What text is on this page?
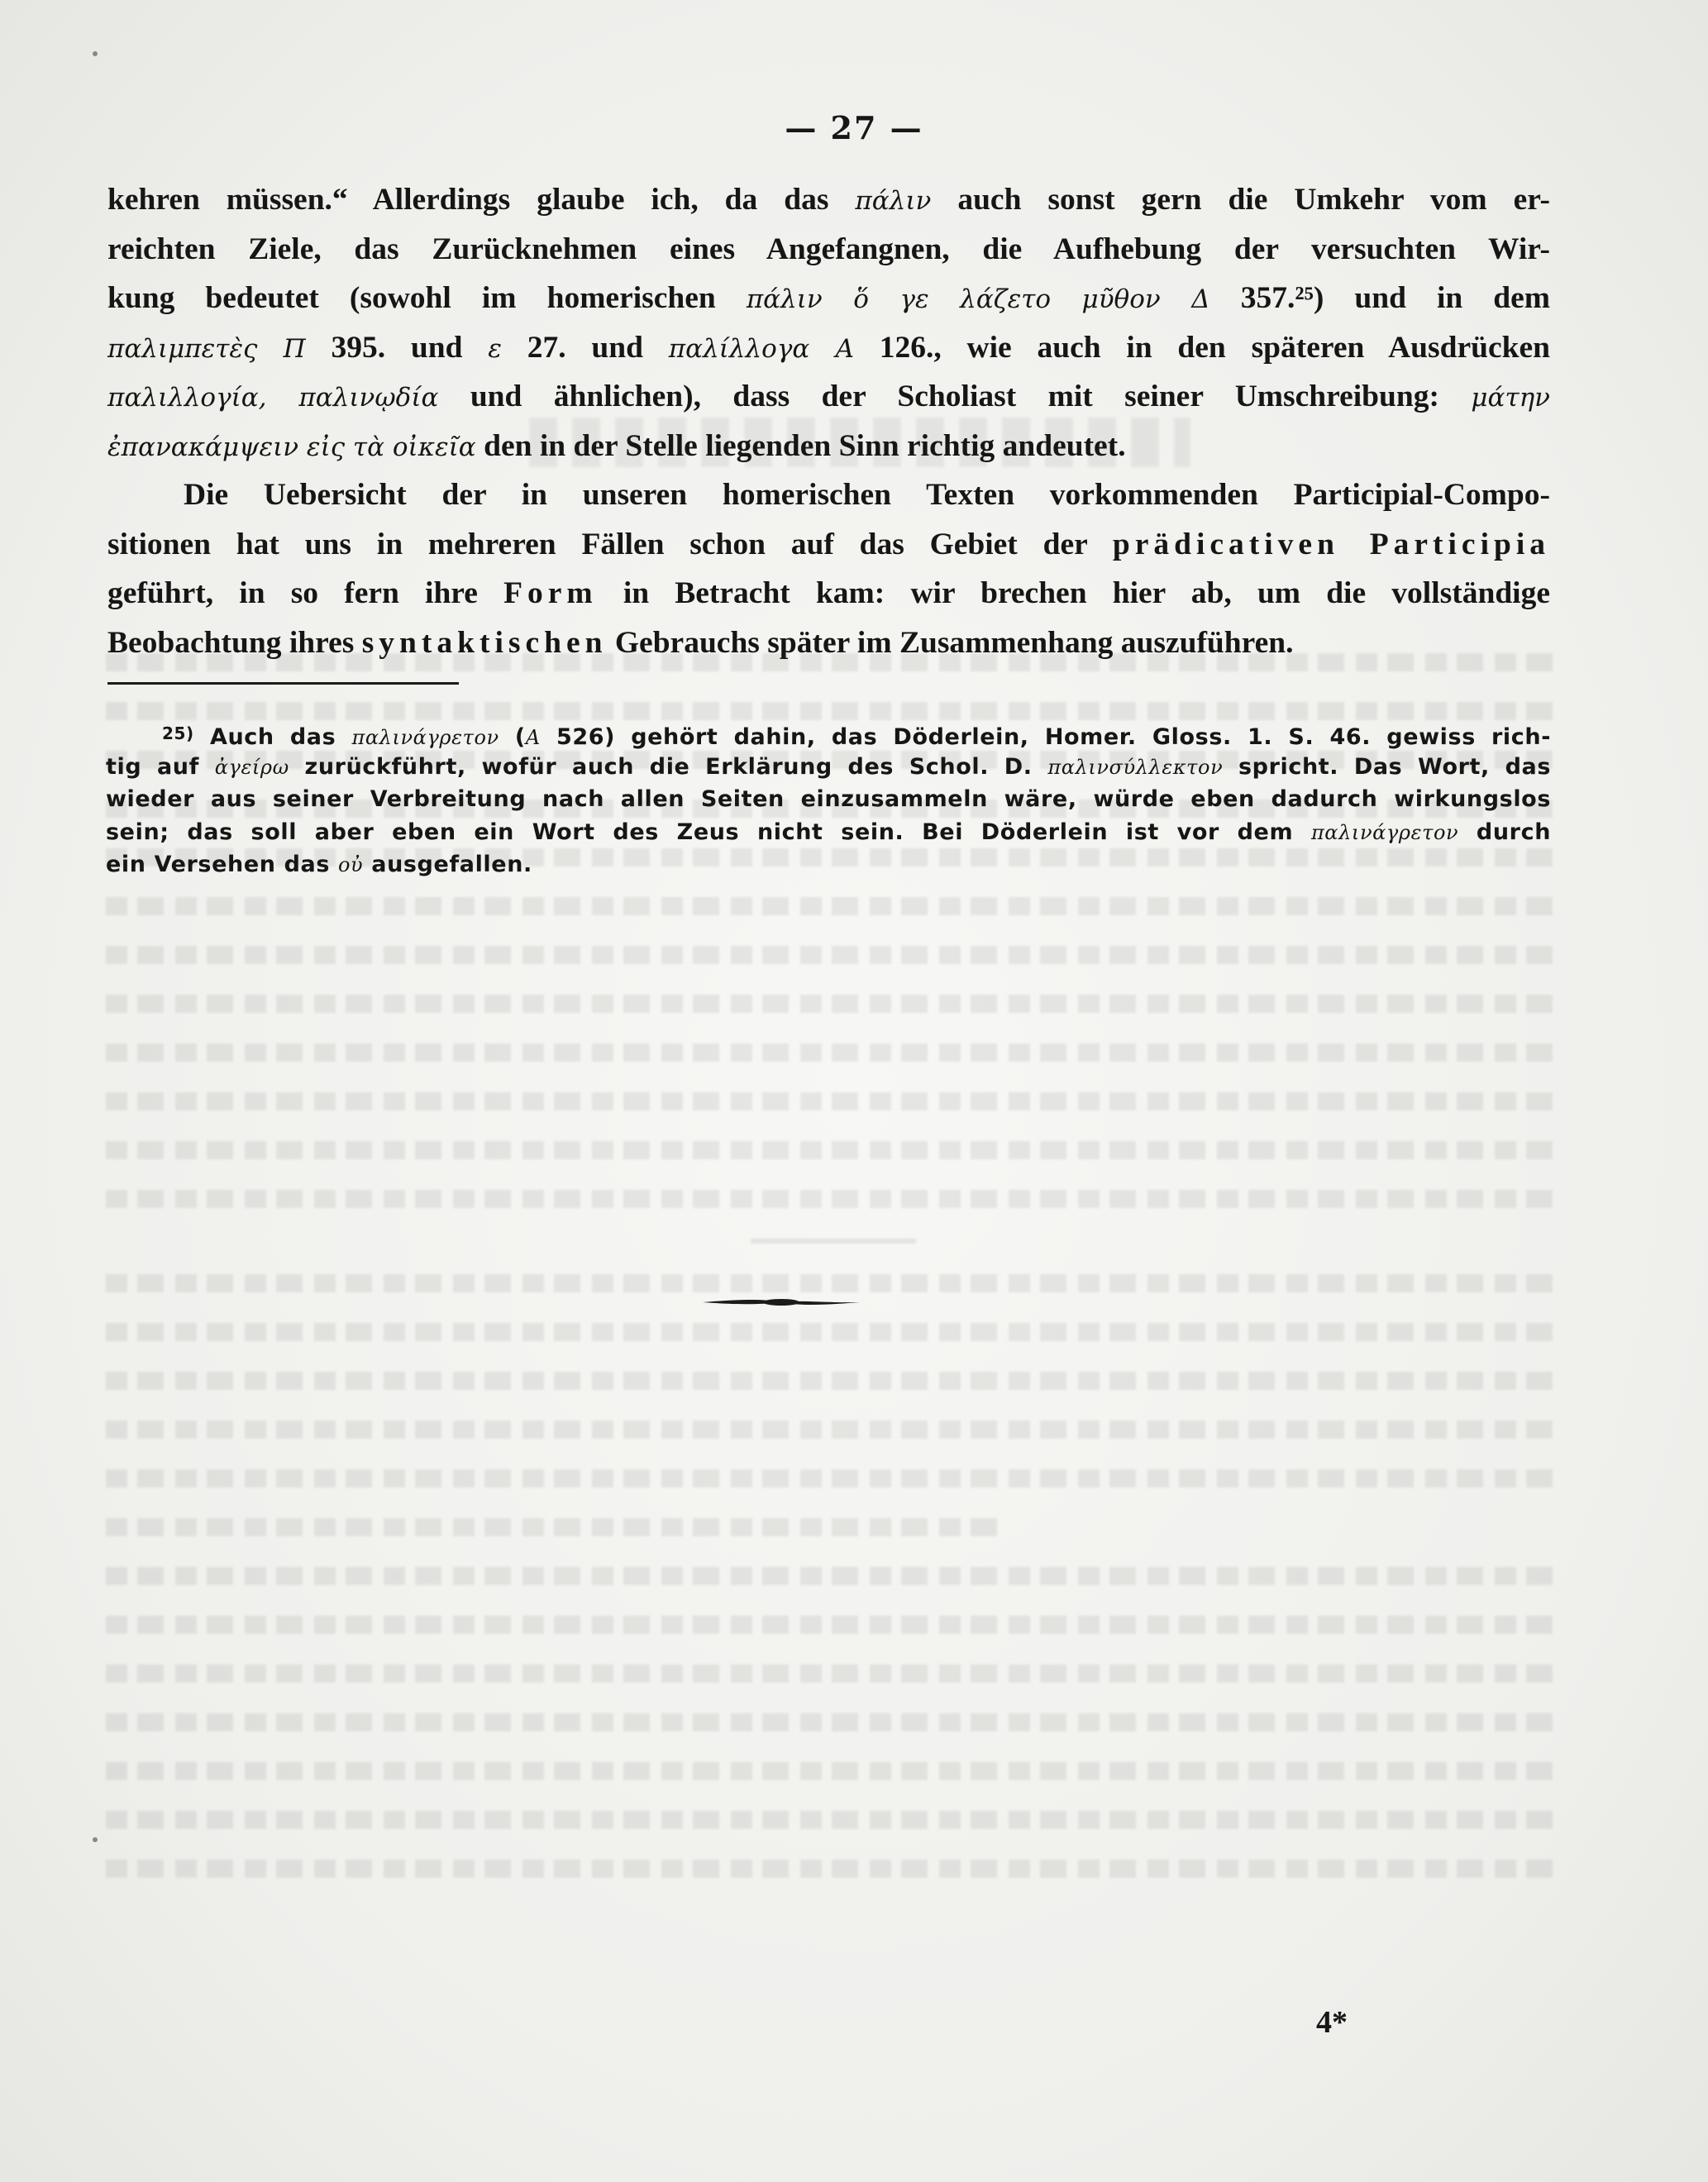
— 27 —
kehren müssen.“ Allerdings glaube ich, da das πάλιν auch sonst gern die Umkehr vom er-
reichten Ziele, das Zurücknehmen eines Angefangnen, die Aufhebung der versuchten Wir-
kung bedeutet (sowohl im homerischen πάλιν ὅ γε λάζετο μῦθον Δ 357.²⁵) und in dem
παλιμπετὲς Π 395. und ε 27. und παλίλλογα Α 126., wie auch in den späteren Ausdrücken
παλιλλογία, παλινῳδία und ähnlichen), dass der Scholiast mit seiner Umschreibung: μάτην
ἐπανακάμψειν εἰς τὰ οἰκεῖα den in der Stelle liegenden Sinn richtig andeutet.
Die Uebersicht der in unseren homerischen Texten vorkommenden Participial-Compo-
sitionen hat uns in mehreren Fällen schon auf das Gebiet der prädicativen Participia
geführt, in so fern ihre Form in Betracht kam: wir brechen hier ab, um die vollständige
Beobachtung ihres syntaktischen Gebrauchs später im Zusammenhang auszuführen.
$^{25)}$ Auch das παλινάγρετον (Α 526) gehört dahin, das Döderlein, Homer. Gloss. 1. S. 46. gewiss rich-
tig auf ἀγείρω zurückführt, wofür auch die Erklärung des Schol. D. παλινσύλλεκτον spricht. Das Wort, das
wieder aus seiner Verbreitung nach allen Seiten einzusammeln wäre, würde eben dadurch wirkungslos
sein; das soll aber eben ein Wort des Zeus nicht sein. Bei Döderlein ist vor dem παλινάγρετον durch
ein Versehen das οὐ ausgefallen.
4*
